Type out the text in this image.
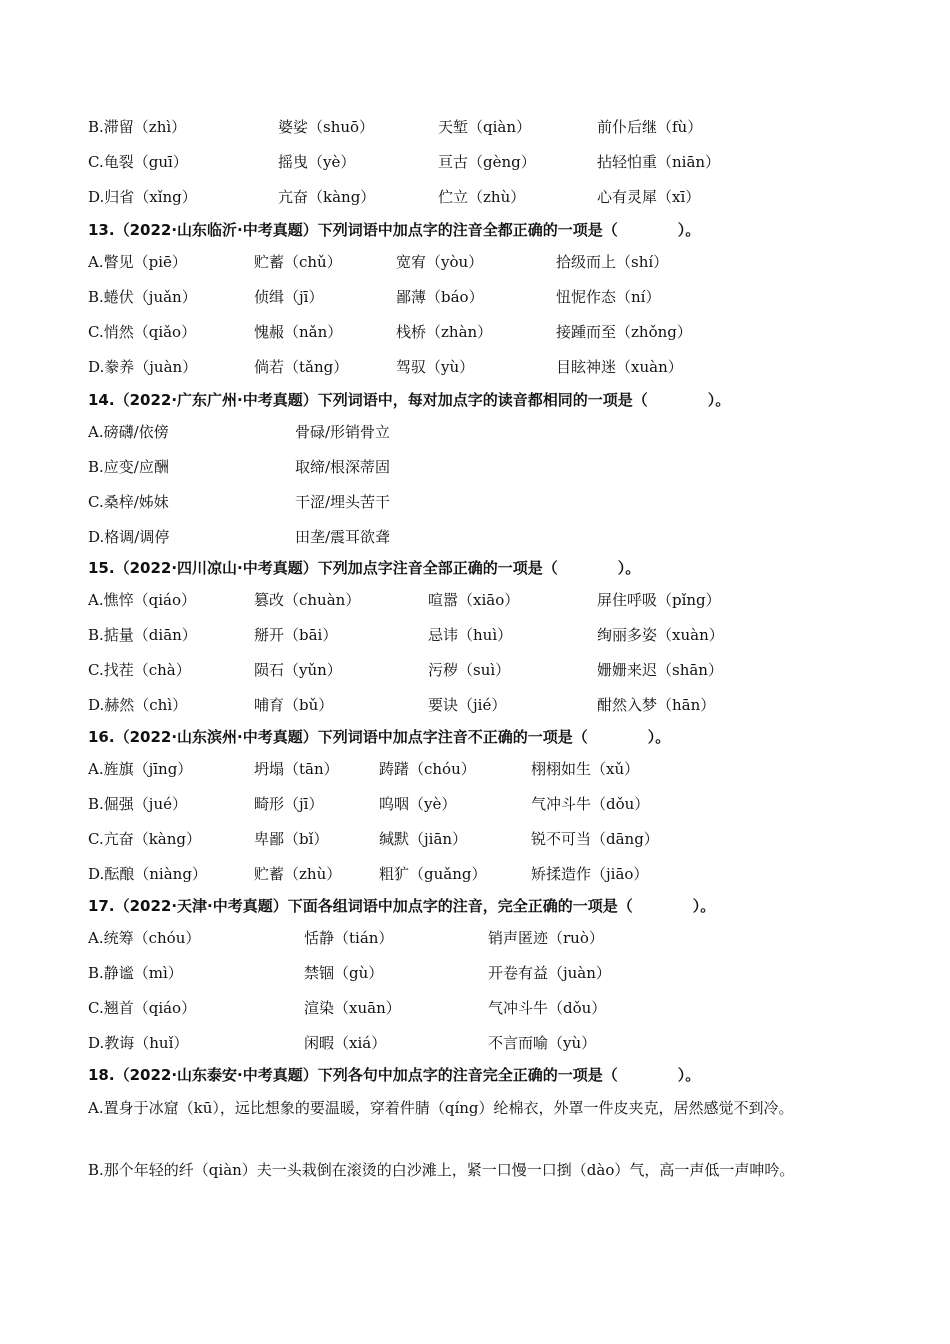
B.滞留（zhì）	婆娑（shuō）	天堑（qiàn）	前仆后继（fù）
C.龟裂（guī）	摇曳（yè）	亘古（gèng）	拈轻怕重（niān）
D.归省（xǐng）	亢奋（kàng）	伫立（zhù）	心有灵犀（xī）
13.（2022·山东临沂·中考真题）下列词语中加点字的注音全都正确的一项是（　　　　）。
A.瞥见（piē）	贮蓄（chǔ）	宽宥（yòu）	拾级而上（shí）
B.蜷伏（juǎn）	侦缉（jī）	鄙薄（báo）	忸怩作态（ní）
C.悄然（qiǎo）	愧赧（nǎn）	栈桥（zhàn）	接踵而至（zhǒng）
D.豢养（juàn）	倘若（tǎng）	驾驭（yù）	目眩神迷（xuàn）
14.（2022·广东广州·中考真题）下列词语中，每对加点字的读音都相同的一项是（　　　　）。
A.磅礴/依傍	骨碌/形销骨立
B.应变/应酬	取缔/根深蒂固
C.桑梓/姊妹	干涩/埋头苦干
D.格调/调停	田垄/震耳欲聋
15.（2022·四川凉山·中考真题）下列加点字注音全部正确的一项是（　　　　）。
A.憔悴（qiáo）	篡改（chuàn）	喧嚣（xiāo）	屏住呼吸（pǐng）
B.掂量（diān）	掰开（bāi）	忌讳（huì）	绚丽多姿（xuàn）
C.找茬（chà）	陨石（yǔn）	污秽（suì）	姗姗来迟（shān）
D.赫然（chì）	哺育（bǔ）	要诀（jié）	酣然入梦（hān）
16.（2022·山东滨州·中考真题）下列词语中加点字注音不正确的一项是（　　　　）。
A.旌旗（jīng）	坍塌（tān）	踌躇（chóu）	栩栩如生（xǔ）
B.倔强（jué）	畸形（jī）	呜咽（yè）	气冲斗牛（dǒu）
C.亢奋（kàng）	卑鄙（bǐ）	缄默（jiān）	锐不可当（dāng）
D.酝酿（niàng）	贮蓄（zhù）	粗犷（guǎng）	矫揉造作（jiāo）
17.（2022·天津·中考真题）下面各组词语中加点字的注音，完全正确的一项是（　　　　）。
A.统筹（chóu）	恬静（tián）	销声匿迹（ruò）
B.静谧（mì）	禁锢（gù）	开卷有益（juàn）
C.翘首（qiáo）	渲染（xuān）	气冲斗牛（dǒu）
D.教诲（huǐ）	闲暇（xiá）	不言而喻（yù）
18.（2022·山东泰安·中考真题）下列各句中加点字的注音完全正确的一项是（　　　　）。
A.置身于冰窟（kū），远比想象的要温暖，穿着件腈（qíng）纶棉衣，外罩一件皮夹克，居然感觉不到冷。
B.那个年轻的纤（qiàn）夫一头栽倒在滚烫的白沙滩上，紧一口慢一口捯（dào）气，高一声低一声呻吟。
